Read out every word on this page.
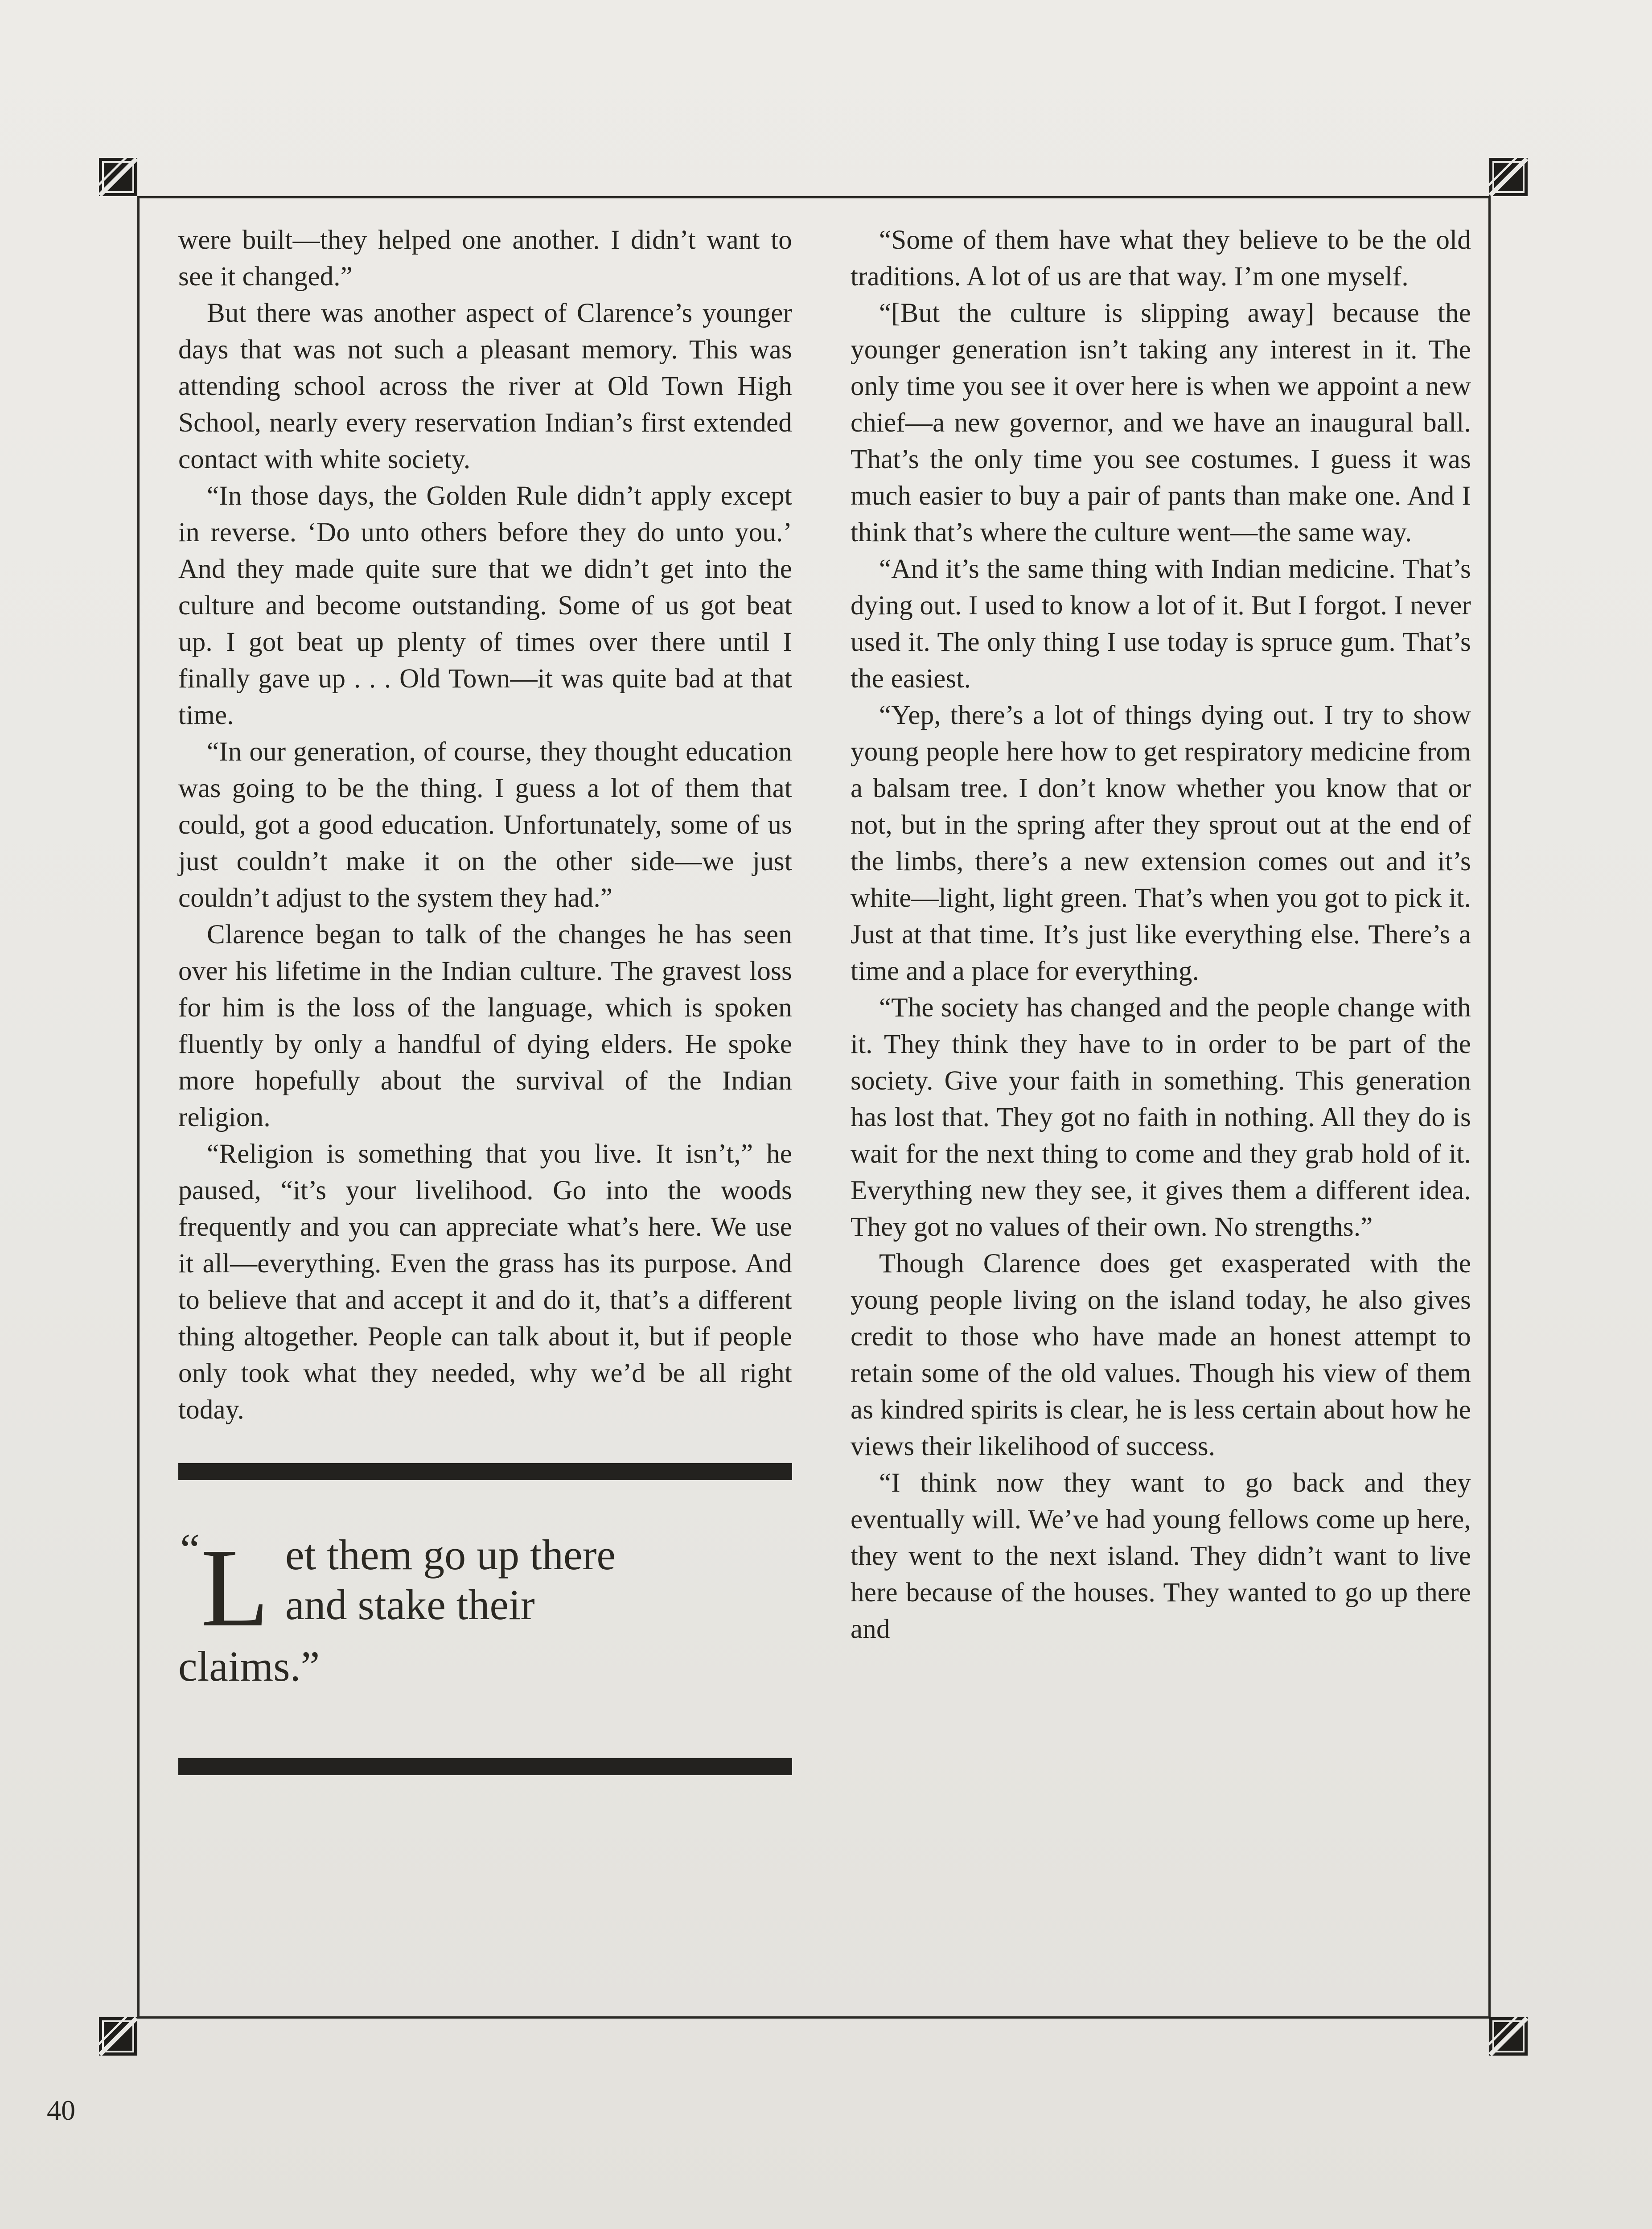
were built—they helped one another. I didn’t want to see it changed.”

But there was another aspect of Clarence’s younger days that was not such a pleasant memory. This was attending school across the river at Old Town High School, nearly every reservation Indian’s first extended contact with white society.

“In those days, the Golden Rule didn’t apply except in reverse. ‘Do unto others before they do unto you.’ And they made quite sure that we didn’t get into the culture and become outstanding. Some of us got beat up. I got beat up plenty of times over there until I finally gave up . . . Old Town—it was quite bad at that time.

“In our generation, of course, they thought education was going to be the thing. I guess a lot of them that could, got a good education. Unfortunately, some of us just couldn’t make it on the other side—we just couldn’t adjust to the system they had.”

Clarence began to talk of the changes he has seen over his lifetime in the Indian culture. The gravest loss for him is the loss of the language, which is spoken fluently by only a handful of dying elders. He spoke more hopefully about the survival of the Indian religion.

“Religion is something that you live. It isn’t,” he paused, “it’s your livelihood. Go into the woods frequently and you can appreciate what’s here. We use it all—everything. Even the grass has its purpose. And to believe that and accept it and do it, that’s a different thing altogether. People can talk about it, but if people only took what they needed, why we’d be all right today.

“ L et them go up there
and stake their
claims.”

“Some of them have what they believe to be the old traditions. A lot of us are that way. I’m one myself.

“[But the culture is slipping away] because the younger generation isn’t taking any interest in it. The only time you see it over here is when we appoint a new chief—a new governor, and we have an inaugural ball. That’s the only time you see costumes. I guess it was much easier to buy a pair of pants than make one. And I think that’s where the culture went—the same way.

“And it’s the same thing with Indian medicine. That’s dying out. I used to know a lot of it. But I forgot. I never used it. The only thing I use today is spruce gum. That’s the easiest.

“Yep, there’s a lot of things dying out. I try to show young people here how to get respiratory medicine from a balsam tree. I don’t know whether you know that or not, but in the spring after they sprout out at the end of the limbs, there’s a new extension comes out and it’s white—light, light green. That’s when you got to pick it. Just at that time. It’s just like everything else. There’s a time and a place for everything.

“The society has changed and the people change with it. They think they have to in order to be part of the society. Give your faith in something. This generation has lost that. They got no faith in nothing. All they do is wait for the next thing to come and they grab hold of it. Everything new they see, it gives them a different idea. They got no values of their own. No strengths.”

Though Clarence does get exasperated with the young people living on the island today, he also gives credit to those who have made an honest attempt to retain some of the old values. Though his view of them as kindred spirits is clear, he is less certain about how he views their likelihood of success.

“I think now they want to go back and they eventually will. We’ve had young fellows come up here, they went to the next island. They didn’t want to live here because of the houses. They wanted to go up there and

40
